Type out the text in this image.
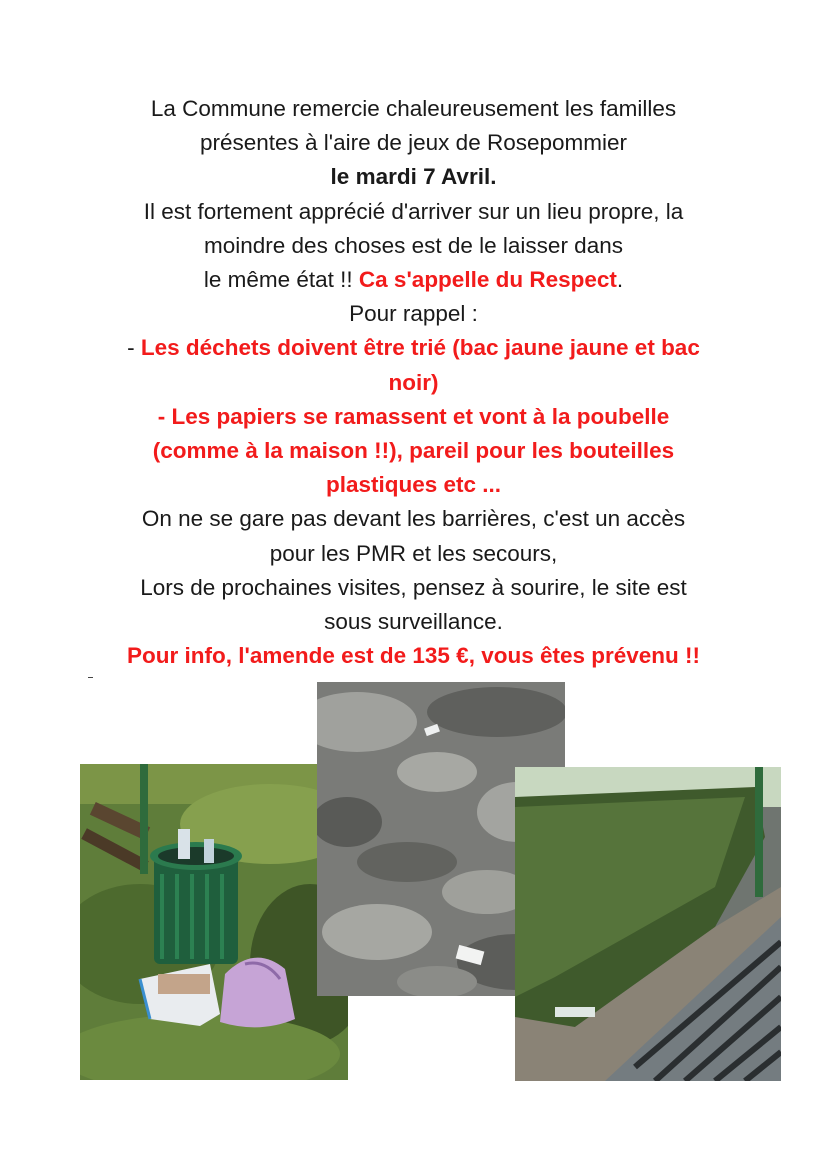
La Commune remercie chaleureusement les familles

présentes à l'aire de jeux de Rosepommier

le mardi 7 Avril.

Il est fortement apprécié d'arriver sur un lieu propre, la

moindre des choses est de le laisser dans

le même état !! Ca s'appelle du Respect.

Pour rappel :

- Les déchets doivent être trié (bac jaune jaune et bac

noir)

- Les papiers se ramassent et vont à la poubelle

(comme à la maison !!), pareil pour les bouteilles

plastiques etc ...

On ne se gare pas devant les barrières, c'est un accès

pour les PMR et les secours,

Lors de prochaines visites, pensez à sourire, le site est

sous surveillance.

Pour info, l'amende est de 135 €, vous êtes prévenu !!
